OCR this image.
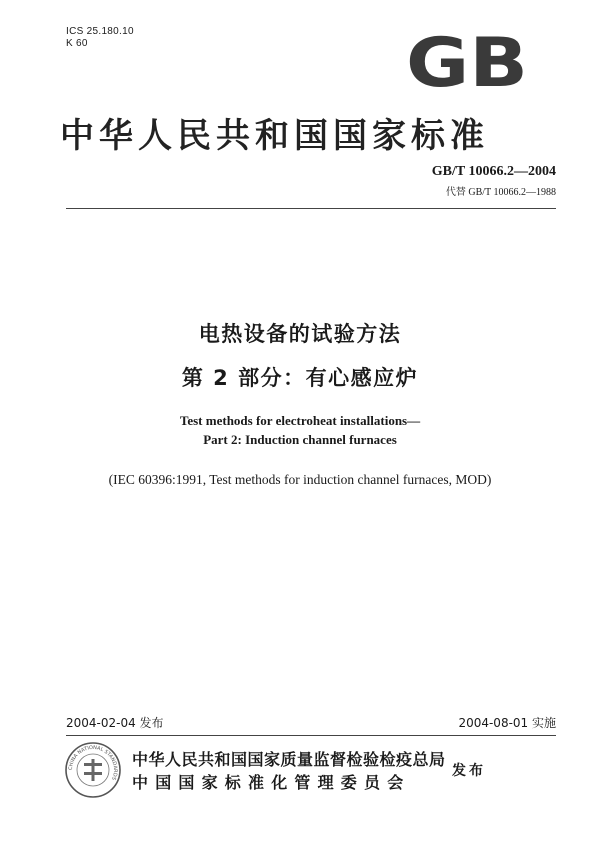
ICS 25.180.10
K 60	GB
中华人民共和国国家标准
GB/T 10066.2—2004
代替 GB/T 10066.2—1988
电热设备的试验方法
第 2 部分：有心感应炉
Test methods for electroheat installations—
Part 2: Induction channel furnaces
(IEC 60396:1991, Test methods for induction channel furnaces, MOD)
2004-02-04 发布	2004-08-01 实施
CHINA NATIONAL STANDARDS
中华人民共和国国家质量监督检验检疫总局
中国国家标准化管理委员会
发布
